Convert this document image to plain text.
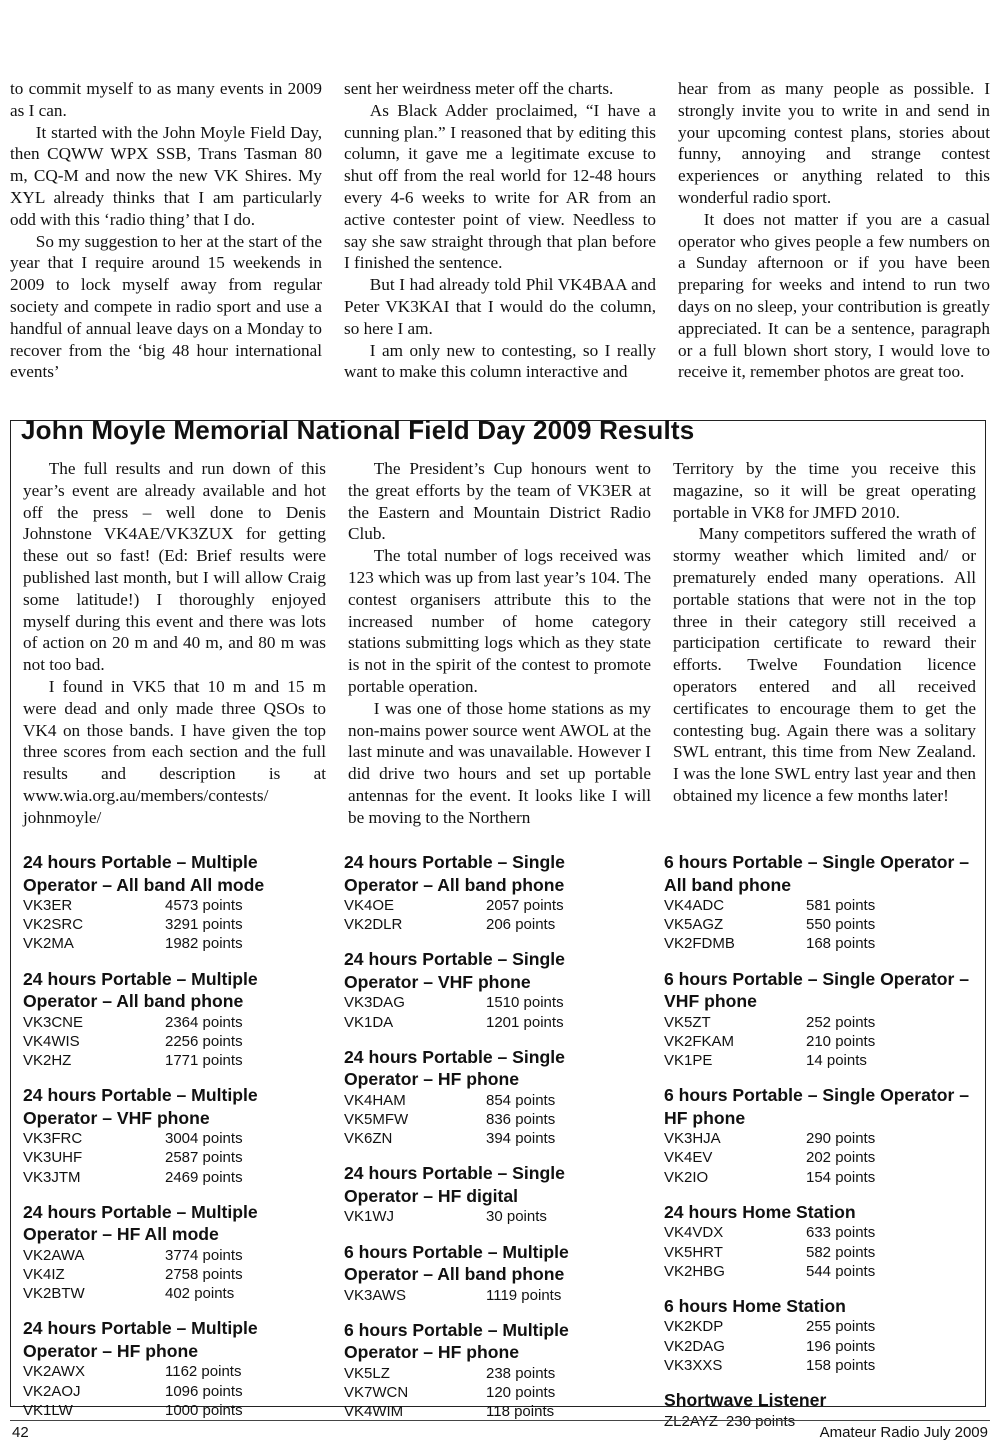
to commit myself to as many events in 2009 as I can.

It started with the John Moyle Field Day, then CQWW WPX SSB, Trans Tasman 80 m, CQ-M and now the new VK Shires. My XYL already thinks that I am particularly odd with this ‘radio thing’ that I do.

So my suggestion to her at the start of the year that I require around 15 weekends in 2009 to lock myself away from regular society and compete in radio sport and use a handful of annual leave days on a Monday to recover from the ‘big 48 hour international events’

sent her weirdness meter off the charts.

As Black Adder proclaimed, “I have a cunning plan.” I reasoned that by editing this column, it gave me a legitimate excuse to shut off from the real world for 12-48 hours every 4-6 weeks to write for AR from an active contester point of view. Needless to say she saw straight through that plan before I finished the sentence.

But I had already told Phil VK4BAA and Peter VK3KAI that I would do the column, so here I am.

I am only new to contesting, so I really want to make this column interactive and

hear from as many people as possible. I strongly invite you to write in and send in your upcoming contest plans, stories about funny, annoying and strange contest experiences or anything related to this wonderful radio sport.

It does not matter if you are a casual operator who gives people a few numbers on a Sunday afternoon or if you have been preparing for weeks and intend to run two days on no sleep, your contribution is greatly appreciated. It can be a sentence, paragraph or a full blown short story, I would love to receive it, remember photos are great too.

John Moyle Memorial National Field Day 2009 Results

The full results and run down of this year’s event are already available and hot off the press – well done to Denis Johnstone VK4AE/VK3ZUX for getting these out so fast! (Ed: Brief results were published last month, but I will allow Craig some latitude!) I thoroughly enjoyed myself during this event and there was lots of action on 20 m and 40 m, and 80 m was not too bad.

I found in VK5 that 10 m and 15 m were dead and only made three QSOs to VK4 on those bands. I have given the top three scores from each section and the full results and description is at www.wia.org.au/members/contests/ johnmoyle/

The President’s Cup honours went to the great efforts by the team of VK3ER at the Eastern and Mountain District Radio Club.

The total number of logs received was 123 which was up from last year’s 104. The contest organisers attribute this to the increased number of home category stations submitting logs which as they state is not in the spirit of the contest to promote portable operation.

I was one of those home stations as my non-mains power source went AWOL at the last minute and was unavailable. However I did drive two hours and set up portable antennas for the event. It looks like I will be moving to the Northern

Territory by the time you receive this magazine, so it will be great operating portable in VK8 for JMFD 2010.

Many competitors suffered the wrath of stormy weather which limited and/ or prematurely ended many operations. All portable stations that were not in the top three in their category still received a participation certificate to reward their efforts. Twelve Foundation licence operators entered and all received certificates to encourage them to get the contesting bug. Again there was a solitary SWL entrant, this time from New Zealand. I was the lone SWL entry last year and then obtained my licence a few months later!

24 hours Portable – Multiple Operator – All band All mode
VK3ER	4573 points
VK2SRC	3291 points
VK2MA	1982 points
24 hours Portable – Multiple Operator – All band phone
VK3CNE	2364 points
VK4WIS	2256 points
VK2HZ	1771 points
24 hours Portable – Multiple Operator – VHF phone
VK3FRC	3004 points
VK3UHF	2587 points
VK3JTM	2469 points
24 hours Portable – Multiple Operator – HF All mode
VK2AWA	3774 points
VK4IZ	2758 points
VK2BTW	402 points
24 hours Portable – Multiple Operator – HF phone
VK2AWX	1162 points
VK2AOJ	1096 points
VK1LW	1000 points
24 hours Portable – Single Operator – All band phone
VK4OE	2057 points
VK2DLR	206 points
24 hours Portable – Single Operator – VHF phone
VK3DAG	1510 points
VK1DA	1201 points
24 hours Portable – Single Operator – HF phone
VK4HAM	854 points
VK5MFW	836 points
VK6ZN	394 points
24 hours Portable – Single Operator – HF digital
VK1WJ	30 points
6 hours Portable – Multiple Operator – All band phone
VK3AWS	1119 points
6 hours Portable – Multiple Operator – HF phone
VK5LZ	238 points
VK7WCN	120 points
VK4WIM	118 points
6 hours Portable – Single Operator – All band phone
VK4ADC	581 points
VK5AGZ	550 points
VK2FDMB	168 points
6 hours Portable – Single Operator – VHF phone
VK5ZT	252 points
VK2FKAM	210 points
VK1PE	14 points
6 hours Portable – Single Operator – HF phone
VK3HJA	290 points
VK4EV	202 points
VK2IO	154 points
24 hours Home Station
VK4VDX	633 points
VK5HRT	582 points
VK2HBG	544 points
6 hours Home Station
VK2KDP	255 points
VK2DAG	196 points
VK3XXS	158 points
Shortwave Listener
ZL2AYZ 230 points
42	Amateur Radio July 2009
